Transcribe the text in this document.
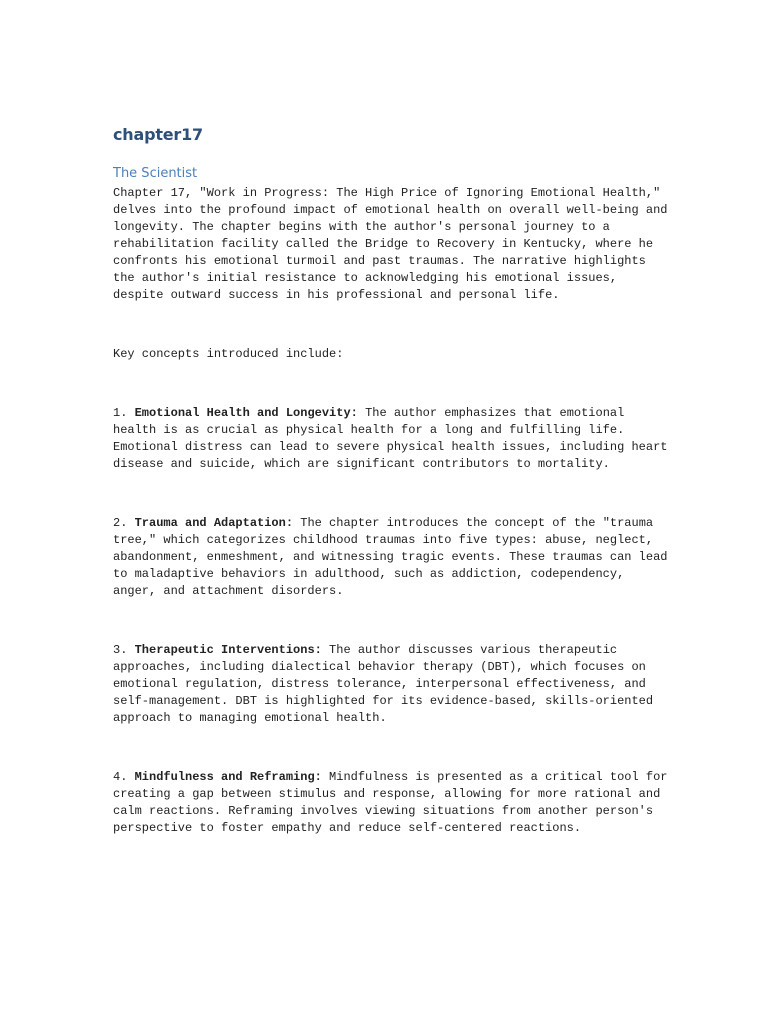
chapter17
The Scientist

Chapter 17, "Work in Progress: The High Price of Ignoring Emotional Health," delves into the profound impact of emotional health on overall well-being and longevity. The chapter begins with the author's personal journey to a rehabilitation facility called the Bridge to Recovery in Kentucky, where he confronts his emotional turmoil and past traumas. The narrative highlights the author's initial resistance to acknowledging his emotional issues, despite outward success in his professional and personal life.

Key concepts introduced include:

1. Emotional Health and Longevity: The author emphasizes that emotional health is as crucial as physical health for a long and fulfilling life. Emotional distress can lead to severe physical health issues, including heart disease and suicide, which are significant contributors to mortality.
2. Trauma and Adaptation: The chapter introduces the concept of the "trauma tree," which categorizes childhood traumas into five types: abuse, neglect, abandonment, enmeshment, and witnessing tragic events. These traumas can lead to maladaptive behaviors in adulthood, such as addiction, codependency, anger, and attachment disorders.
3. Therapeutic Interventions: The author discusses various therapeutic approaches, including dialectical behavior therapy (DBT), which focuses on emotional regulation, distress tolerance, interpersonal effectiveness, and self-management. DBT is highlighted for its evidence-based, skills-oriented approach to managing emotional health.
4. Mindfulness and Reframing: Mindfulness is presented as a critical tool for creating a gap between stimulus and response, allowing for more rational and calm reactions. Reframing involves viewing situations from another person's perspective to foster empathy and reduce self-centered reactions.
